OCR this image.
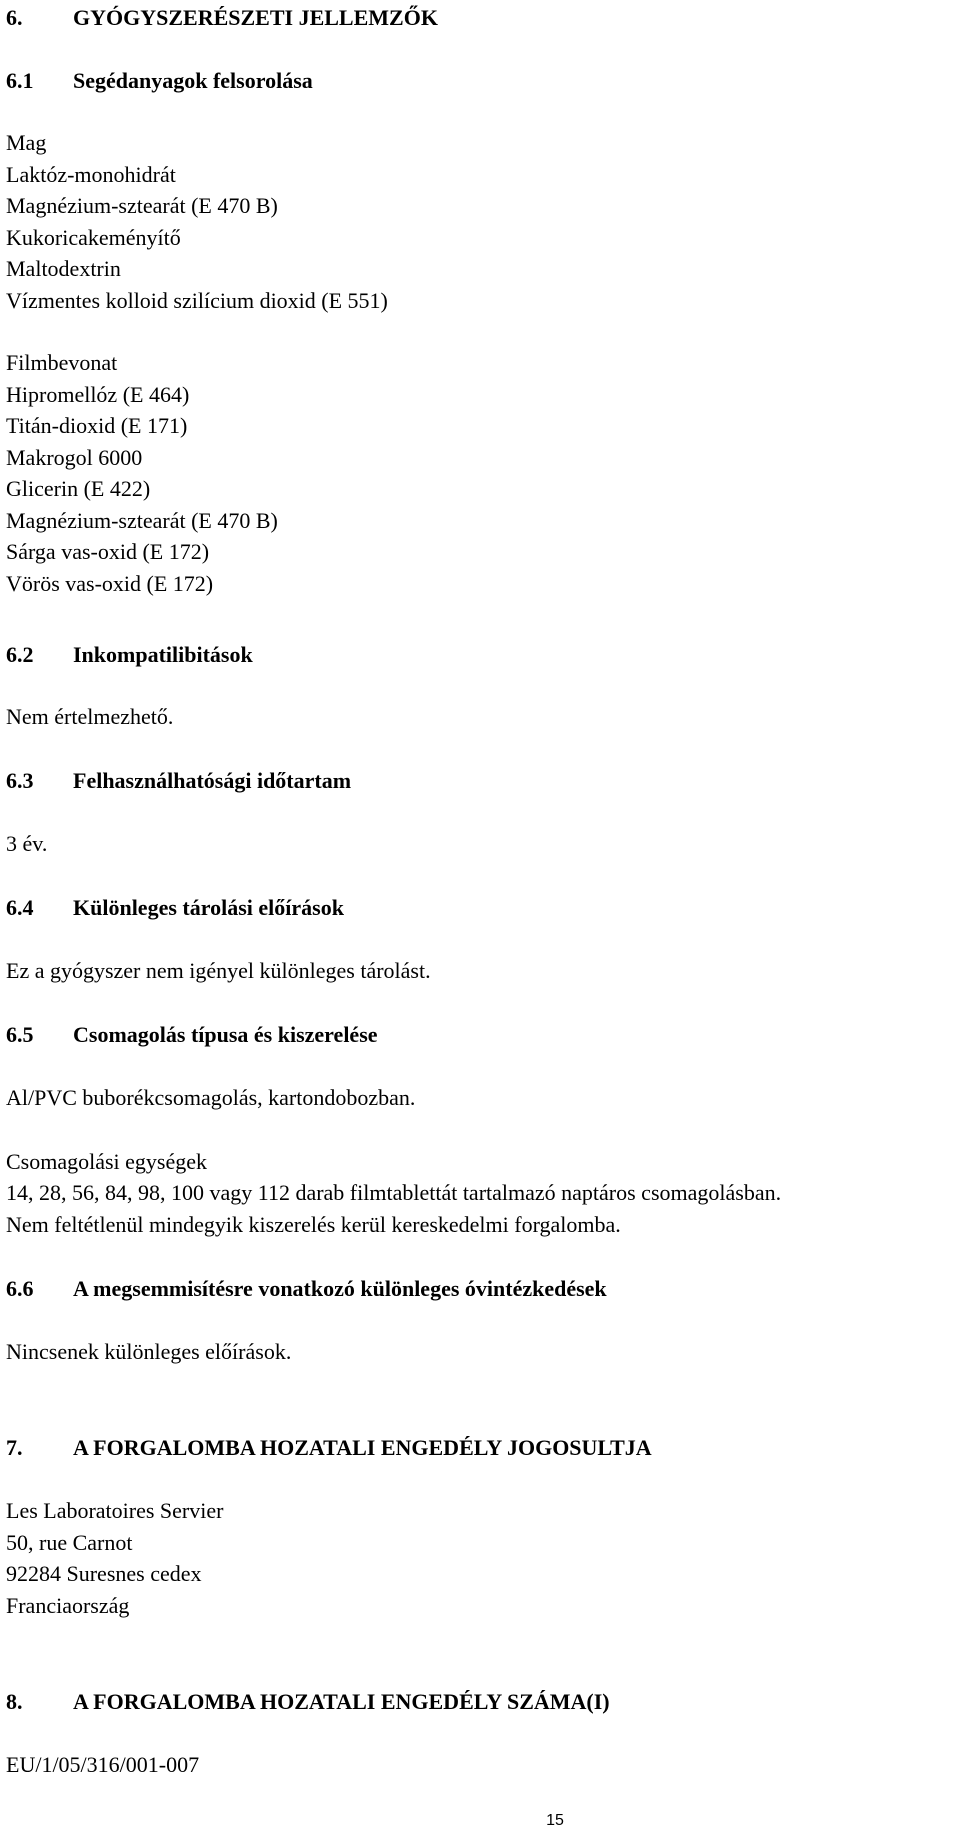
6. GYÓGYSZERÉSZETI JELLEMZŐK
6.1 Segédanyagok felsorolása
Mag
Laktóz-monohidrát
Magnézium-sztearát (E 470 B)
Kukoricakeményítő
Maltodextrin
Vízmentes kolloid szilícium dioxid (E 551)
Filmbevonat
Hipromellóz (E 464)
Titán-dioxid (E 171)
Makrogol 6000
Glicerin (E 422)
Magnézium-sztearát (E 470 B)
Sárga vas-oxid (E 172)
Vörös vas-oxid (E 172)
6.2 Inkompatilibitások
Nem értelmezhető.
6.3 Felhasználhatósági időtartam
3 év.
6.4 Különleges tárolási előírások
Ez a gyógyszer nem igényel különleges tárolást.
6.5 Csomagolás típusa és kiszerelése
Al/PVC buborékcsomagolás, kartondobozban.
Csomagolási egységek
14, 28, 56, 84, 98, 100 vagy 112 darab filmtablettát tartalmazó naptáros csomagolásban.
Nem feltétlenül mindegyik kiszerelés kerül kereskedelmi forgalomba.
6.6 A megsemmisítésre vonatkozó különleges óvintézkedések
Nincsenek különleges előírások.
7. A FORGALOMBA HOZATALI ENGEDÉLY JOGOSULTJA
Les Laboratoires Servier
50, rue Carnot
92284 Suresnes cedex
Franciaország
8. A FORGALOMBA HOZATALI ENGEDÉLY SZÁMA(I)
EU/1/05/316/001-007
15
